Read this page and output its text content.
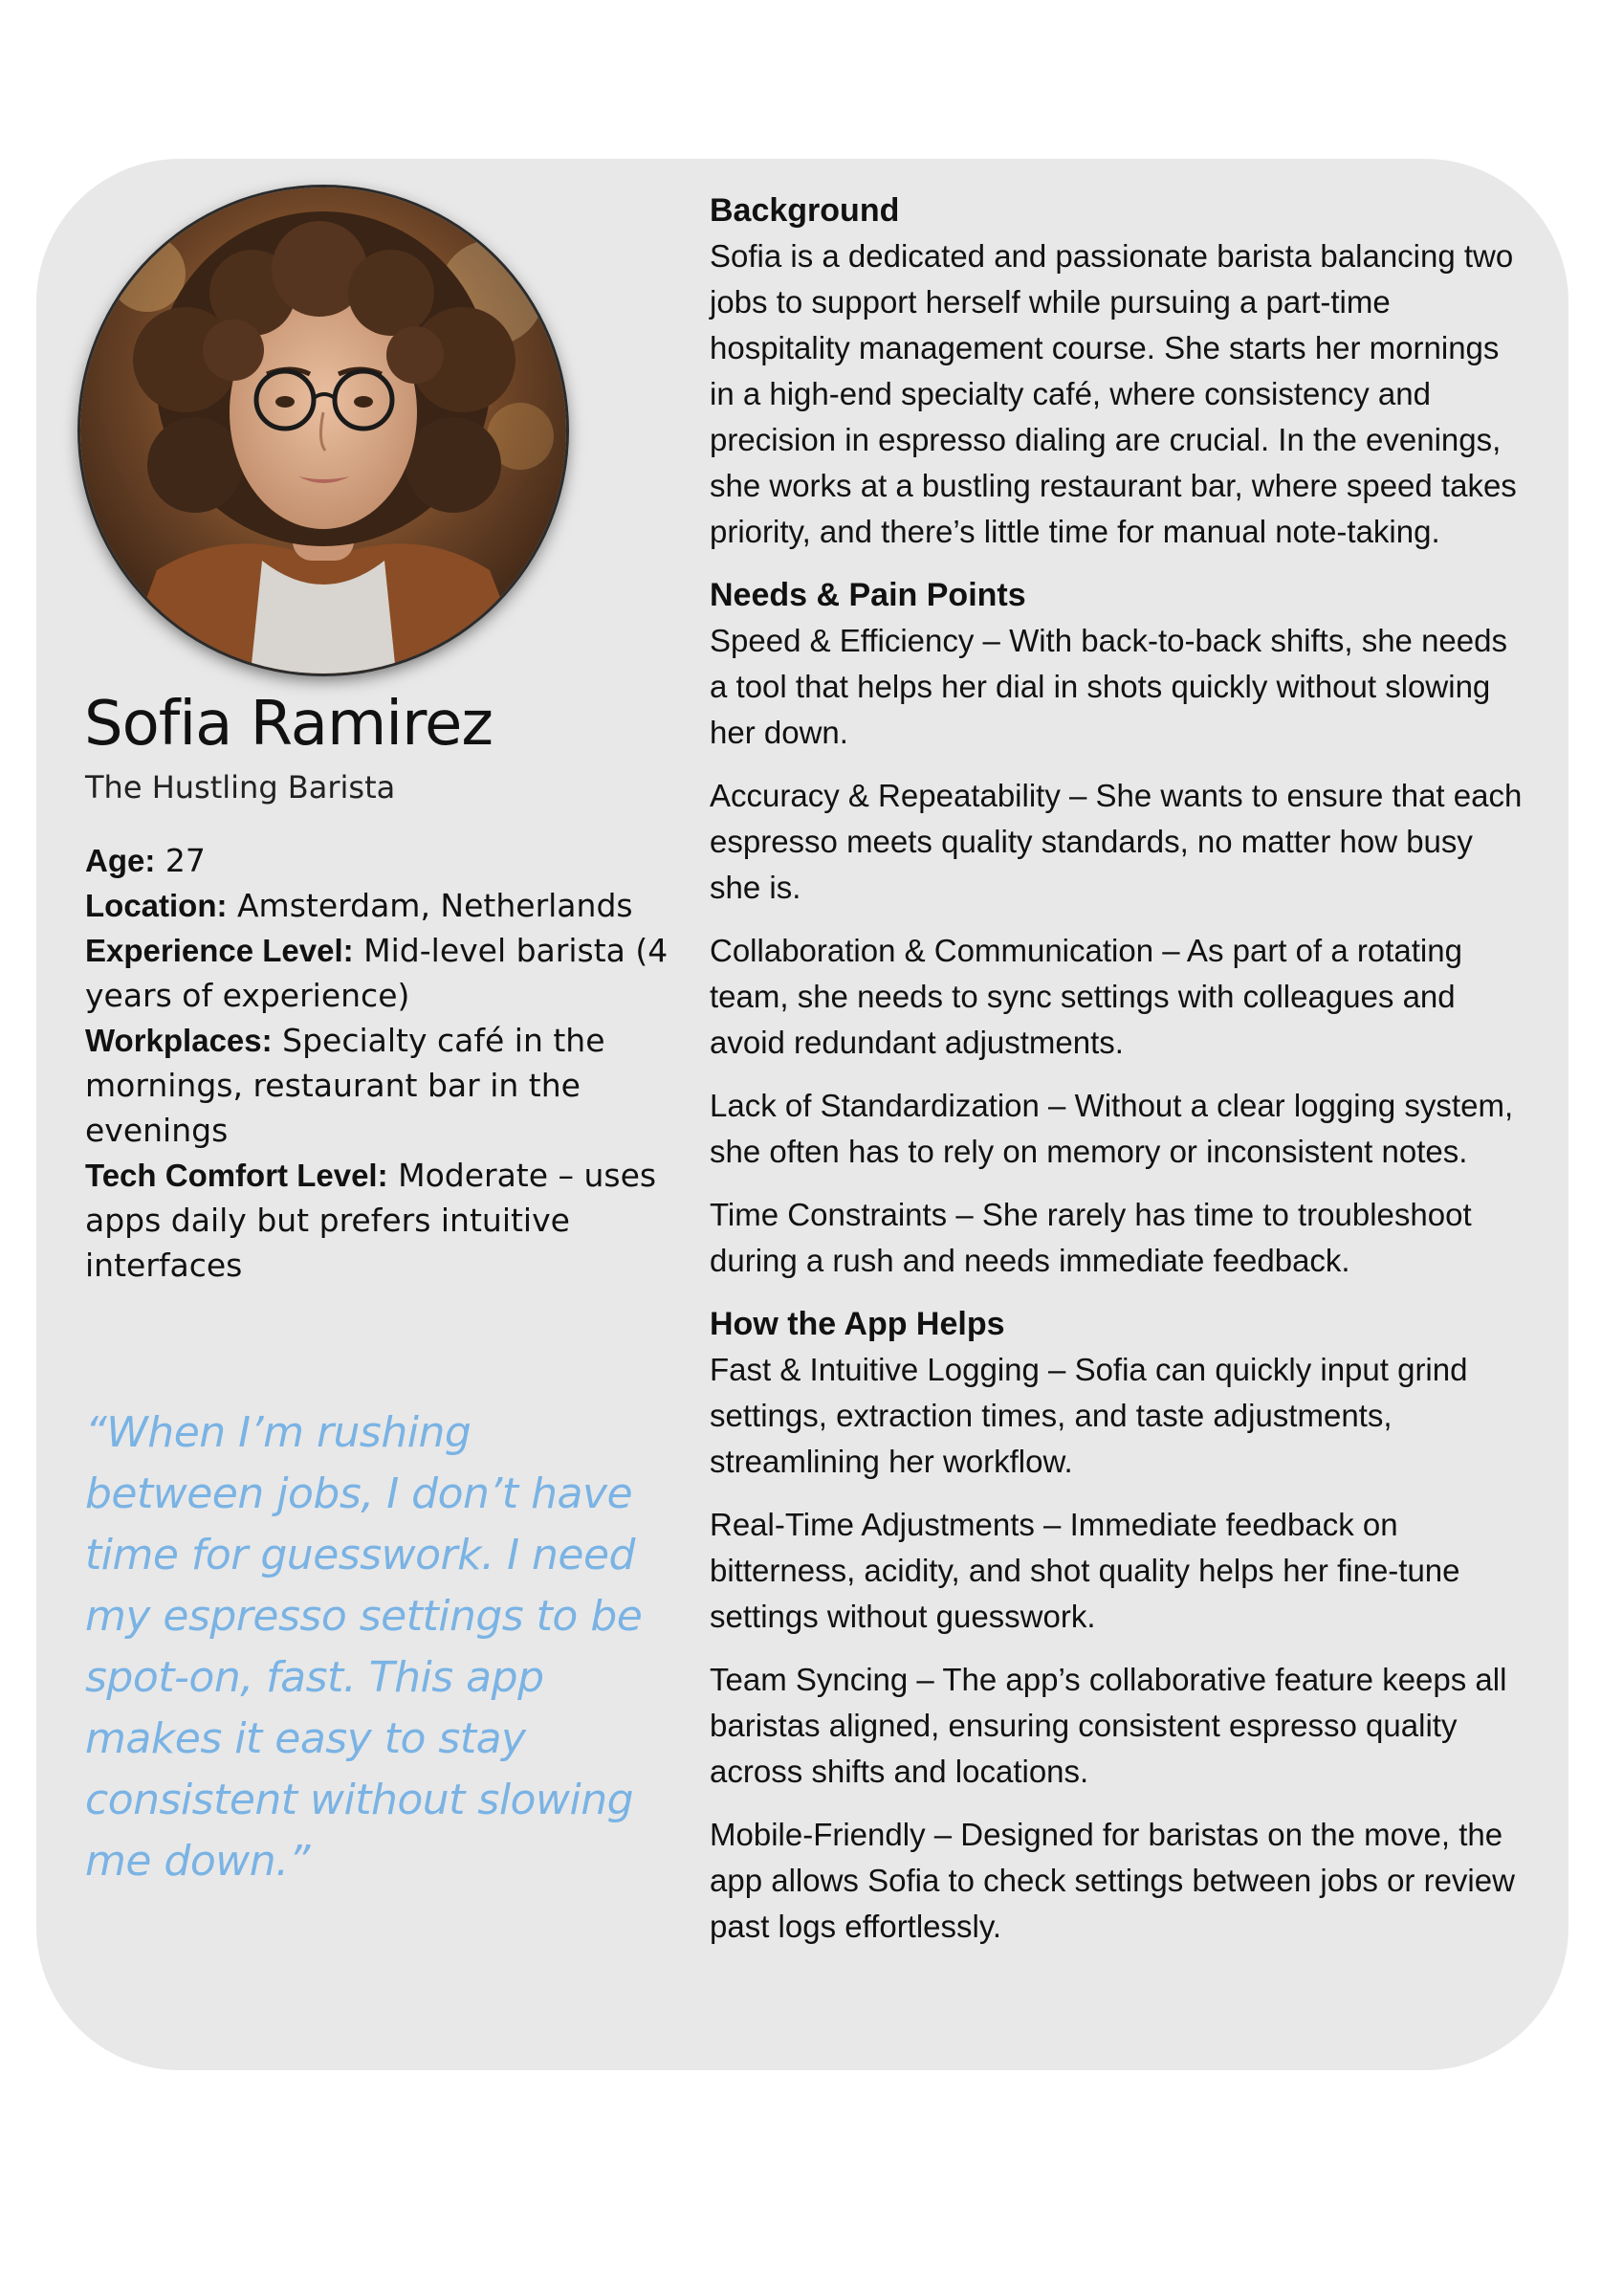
Sofia Ramirez
The Hustling Barista
Age: 27
Location: Amsterdam, Netherlands
Experience Level: Mid-level barista (4 years of experience)
Workplaces: Specialty café in the mornings, restaurant bar in the evenings
Tech Comfort Level: Moderate – uses apps daily but prefers intuitive interfaces
“When I’m rushing between jobs, I don’t have time for guesswork. I need my espresso settings to be spot-on, fast. This app makes it easy to stay consistent without slowing me down.”
Background

Sofia is a dedicated and passionate barista balancing two jobs to support herself while pursuing a part-time hospitality management course. She starts her mornings in a high-end specialty café, where consistency and precision in espresso dialing are crucial. In the evenings, she works at a bustling restaurant bar, where speed takes priority, and there’s little time for manual note-taking.

Needs & Pain Points

Speed & Efficiency – With back-to-back shifts, she needs a tool that helps her dial in shots quickly without slowing her down.

Accuracy & Repeatability – She wants to ensure that each espresso meets quality standards, no matter how busy she is.

Collaboration & Communication – As part of a rotating team, she needs to sync settings with colleagues and avoid redundant adjustments.

Lack of Standardization – Without a clear logging system, she often has to rely on memory or inconsistent notes.

Time Constraints – She rarely has time to troubleshoot during a rush and needs immediate feedback.

How the App Helps

Fast & Intuitive Logging – Sofia can quickly input grind settings, extraction times, and taste adjustments, streamlining her workflow.

Real-Time Adjustments – Immediate feedback on bitterness, acidity, and shot quality helps her fine-tune settings without guesswork.

Team Syncing – The app’s collaborative feature keeps all baristas aligned, ensuring consistent espresso quality across shifts and locations.

Mobile-Friendly – Designed for baristas on the move, the app allows Sofia to check settings between jobs or review past logs effortlessly.
